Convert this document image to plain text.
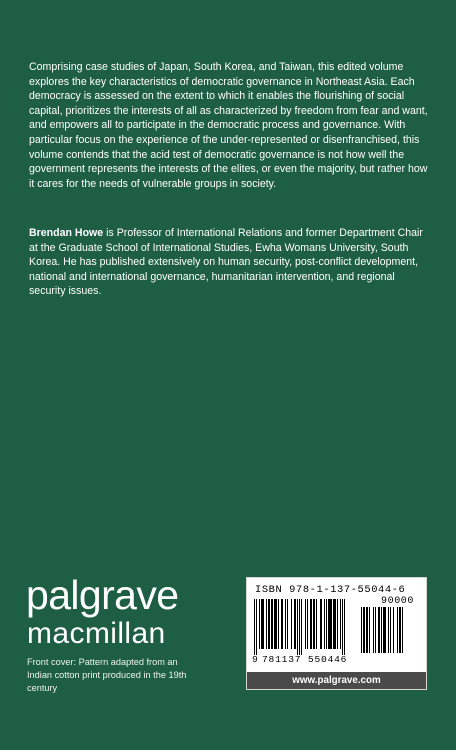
Comprising case studies of Japan, South Korea, and Taiwan, this edited volume explores the key characteristics of democratic governance in Northeast Asia. Each democracy is assessed on the extent to which it enables the flourishing of social capital, prioritizes the interests of all as characterized by freedom from fear and want, and empowers all to participate in the democratic process and governance. With particular focus on the experience of the under-represented or disenfranchised, this volume contends that the acid test of democratic governance is not how well the government represents the interests of the elites, or even the majority, but rather how it cares for the needs of vulnerable groups in society.

Brendan Howe is Professor of International Relations and former Department Chair at the Graduate School of International Studies, Ewha Womans University, South Korea. He has published extensively on human security, post-conflict development, national and international governance, humanitarian intervention, and regional security issues.

palgrave
macmillan
Front cover: Pattern adapted from an Indian cotton print produced in the 19th century
ISBN 978-1-137-55044-6
90000
9 781137 550446
www.palgrave.com
